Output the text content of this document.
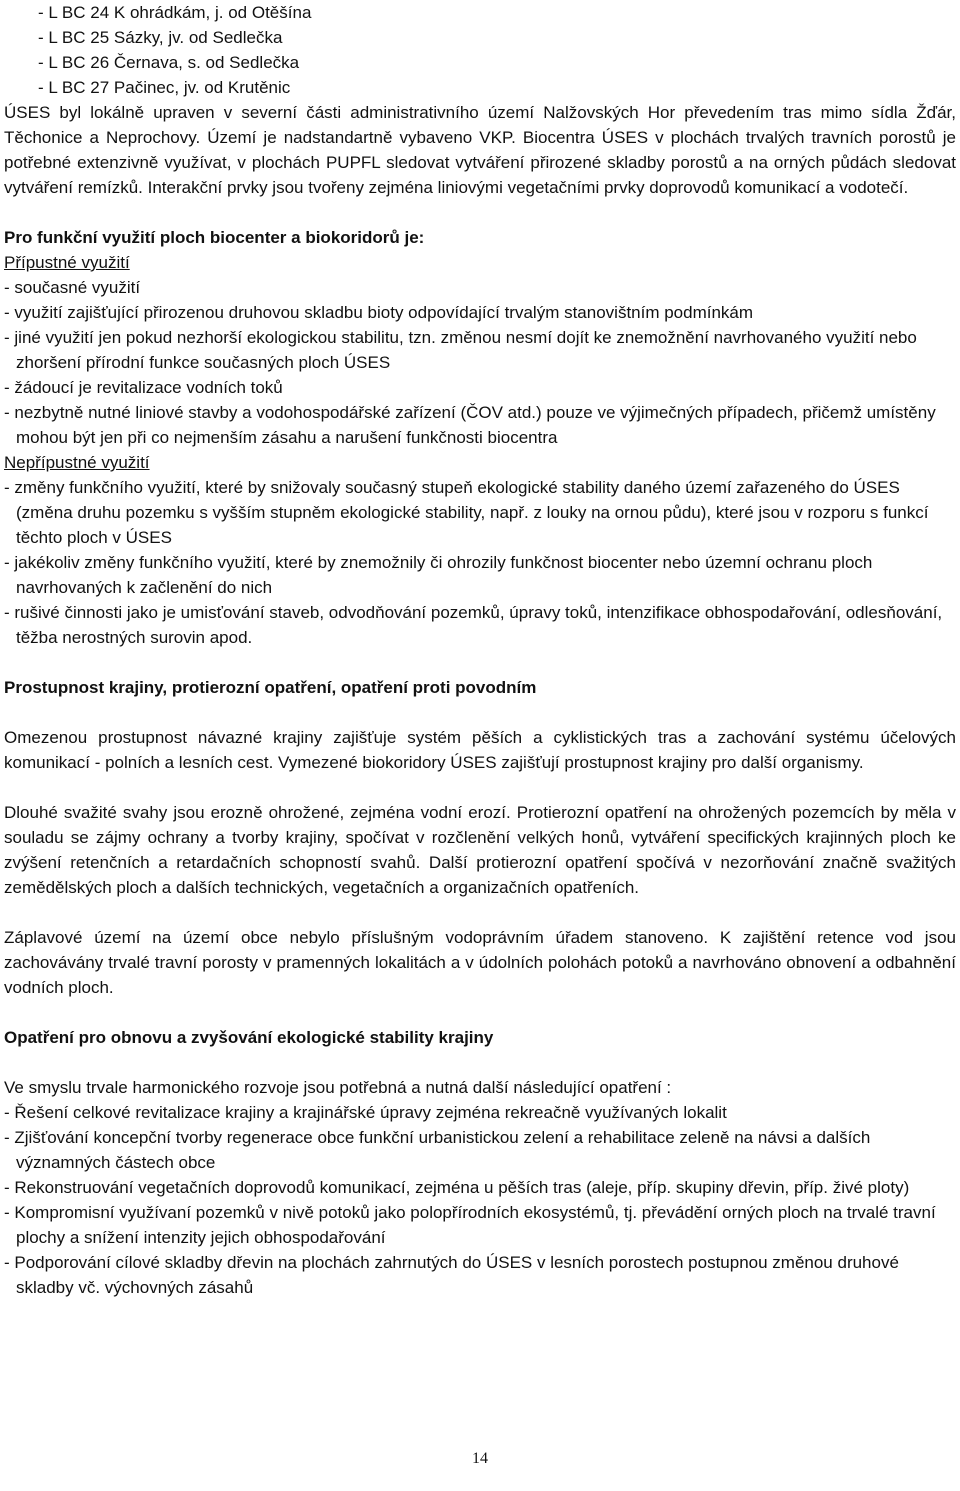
- L BC 24 K ohrádkám, j. od Otěšína

- L BC 25 Sázky, jv. od Sedlečka

- L BC 26 Černava, s. od Sedlečka

- L BC 27 Pačinec, jv. od Krutěnic

ÚSES byl lokálně upraven v severní části administrativního území Nalžovských Hor převedením tras mimo sídla Žďár, Těchonice a Neprochovy. Území je nadstandartně vybaveno VKP. Biocentra ÚSES v plochách trvalých travních porostů je potřebné extenzivně využívat, v plochách PUPFL sledovat vytváření přirozené skladby porostů a na orných půdách sledovat vytváření remízků. Interakční prvky jsou tvořeny zejména liniovými vegetačními prvky doprovodů komunikací a vodotečí.

Pro funkční využití ploch biocenter a biokoridorů je:

Přípustné využití

- současné využití

- využití zajišťující přirozenou druhovou skladbu bioty odpovídající trvalým stanovištním podmínkám

- jiné využití jen pokud nezhorší ekologickou stabilitu, tzn. změnou nesmí dojít ke znemožnění navrhovaného využití nebo zhoršení přírodní funkce současných ploch ÚSES

- žádoucí je revitalizace vodních toků

- nezbytně nutné liniové stavby a vodohospodářské zařízení (ČOV atd.) pouze ve výjimečných případech, přičemž umístěny mohou být jen při co nejmenším zásahu a narušení funkčnosti biocentra

Nepřípustné využití

- změny funkčního využití, které by snižovaly současný stupeň ekologické stability daného území zařazeného do ÚSES (změna druhu pozemku s vyšším stupněm ekologické stability, např. z louky na ornou půdu), které jsou v rozporu s funkcí těchto ploch v ÚSES

- jakékoliv změny funkčního využití, které by znemožnily či ohrozily funkčnost biocenter nebo územní ochranu ploch navrhovaných k začlenění do nich

- rušivé činnosti jako je umisťování staveb, odvodňování pozemků, úpravy toků, intenzifikace obhospodařování, odlesňování, těžba nerostných surovin apod.

Prostupnost krajiny, protierozní opatření, opatření proti povodním

Omezenou prostupnost návazné krajiny zajišťuje systém pěších a cyklistických tras a zachování systému účelových komunikací - polních a lesních cest. Vymezené biokoridory ÚSES zajišťují prostupnost krajiny pro další organismy.

Dlouhé svažité svahy jsou erozně ohrožené, zejména vodní erozí. Protierozní opatření na ohrožených pozemcích by měla v souladu se zájmy ochrany a tvorby krajiny, spočívat v rozčlenění velkých honů, vytváření specifických krajinných ploch ke zvýšení retenčních a retardačních schopností svahů. Další protierozní opatření spočívá v nezorňování značně svažitých zemědělských ploch a dalších technických, vegetačních a organizačních opatřeních.

Záplavové území na území obce nebylo příslušným vodoprávním úřadem stanoveno. K zajištění retence vod jsou zachovávány trvalé travní porosty v pramenných lokalitách a v údolních polohách potoků a navrhováno obnovení a odbahnění vodních ploch.

Opatření pro obnovu a zvyšování ekologické stability krajiny

Ve smyslu trvale harmonického rozvoje jsou potřebná a nutná další následující opatření :

- Řešení celkové revitalizace krajiny a krajinářské úpravy zejména rekreačně využívaných lokalit

- Zjišťování koncepční tvorby regenerace obce funkční urbanistickou zelení a rehabilitace zeleně na návsi a dalších významných částech obce

- Rekonstruování vegetačních doprovodů komunikací, zejména u pěších tras (aleje, příp. skupiny dřevin, příp. živé ploty)

- Kompromisní využívaní pozemků v nivě potoků jako polopřírodních ekosystémů, tj. převádění orných ploch na trvalé travní plochy a snížení intenzity jejich obhospodařování

- Podporování cílové skladby dřevin na plochách zahrnutých do ÚSES v lesních porostech postupnou změnou druhové skladby vč. výchovných zásahů

14
